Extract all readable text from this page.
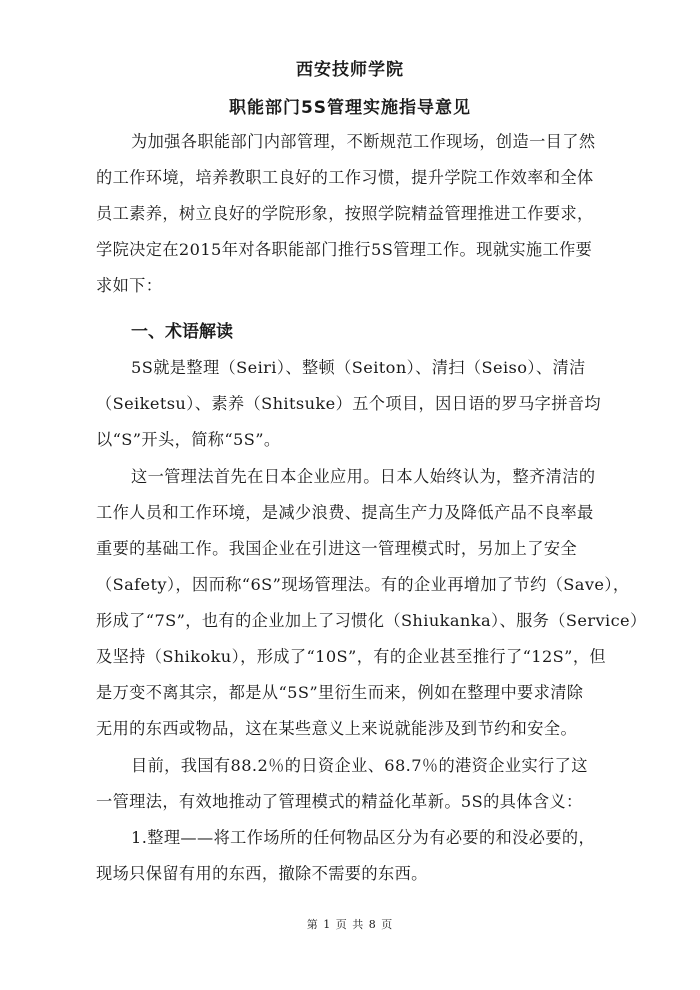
西安技师学院
职能部门5S管理实施指导意见
为加强各职能部门内部管理，不断规范工作现场，创造一目了然
的工作环境，培养教职工良好的工作习惯，提升学院工作效率和全体
员工素养，树立良好的学院形象，按照学院精益管理推进工作要求，
学院决定在2015年对各职能部门推行5S管理工作。现就实施工作要
求如下：
一、术语解读
5S就是整理（Seiri）、整顿（Seiton）、清扫（Seiso）、清洁
（Seiketsu）、素养（Shitsuke）五个项目，因日语的罗马字拼音均
以“S”开头，简称“5S”。
这一管理法首先在日本企业应用。日本人始终认为，整齐清洁的
工作人员和工作环境，是减少浪费、提高生产力及降低产品不良率最
重要的基础工作。我国企业在引进这一管理模式时，另加上了安全
（Safety），因而称“6S”现场管理法。有的企业再增加了节约（Save），
形成了“7S”，也有的企业加上了习惯化（Shiukanka）、服务（Service）
及坚持（Shikoku），形成了“10S”，有的企业甚至推行了“12S”，但
是万变不离其宗，都是从“5S”里衍生而来，例如在整理中要求清除
无用的东西或物品，这在某些意义上来说就能涉及到节约和安全。
目前，我国有88.2％的日资企业、68.7％的港资企业实行了这
一管理法，有效地推动了管理模式的精益化革新。5S的具体含义：
1.整理——将工作场所的任何物品区分为有必要的和没必要的，
现场只保留有用的东西，撤除不需要的东西。
第 1 页 共 8 页
